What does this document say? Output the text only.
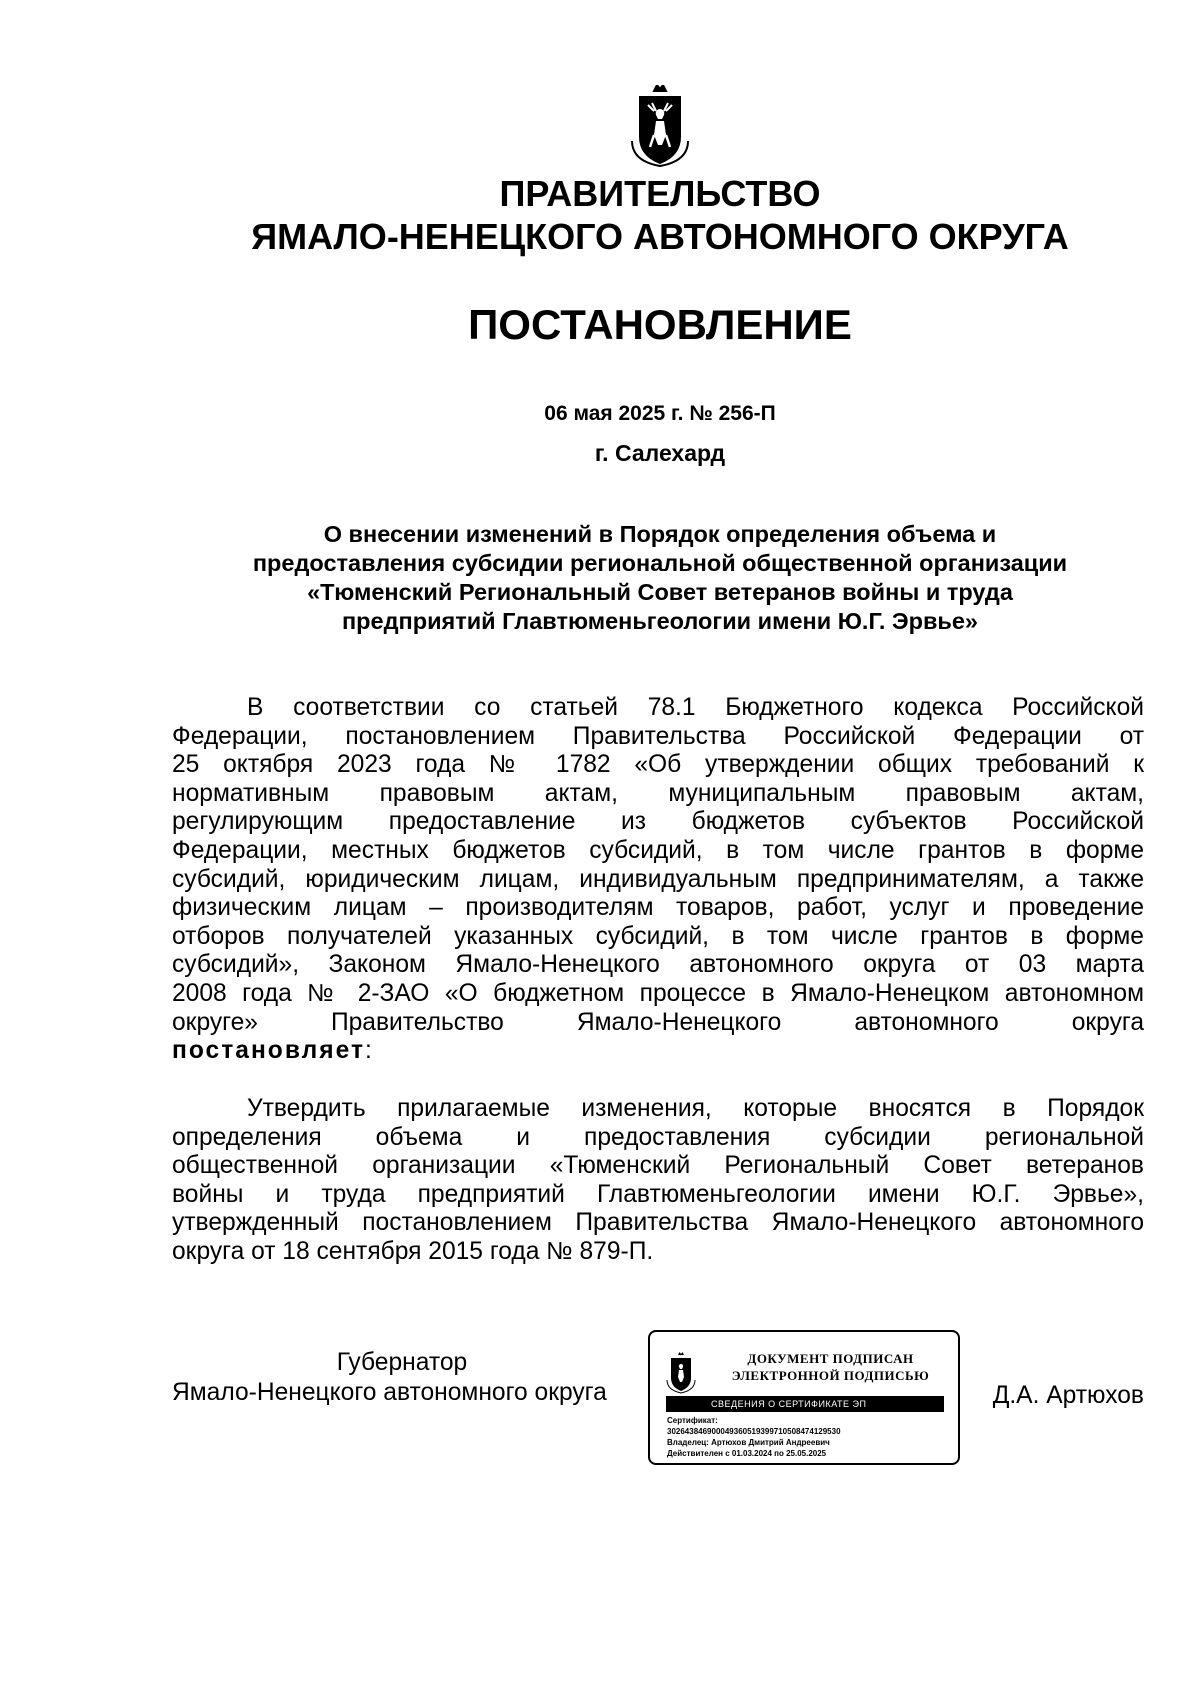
ПРАВИТЕЛЬСТВО
ЯМАЛО-НЕНЕЦКОГО АВТОНОМНОГО ОКРУГА
ПОСТАНОВЛЕНИЕ
06 мая 2025 г. № 256-П
г. Салехард
О внесении изменений в Порядок определения объема и
предоставления субсидии региональной общественной организации
«Тюменский Региональный Совет ветеранов войны и труда
предприятий Главтюменьгеологии имени Ю.Г. Эрвье»
В соответствии со статьей 78.1 Бюджетного кодекса Российской
Федерации, постановлением Правительства Российской Федерации от
25 октября 2023 года № 1782 «Об утверждении общих требований к
нормативным правовым актам, муниципальным правовым актам,
регулирующим предоставление из бюджетов субъектов Российской
Федерации, местных бюджетов субсидий, в том числе грантов в форме
субсидий, юридическим лицам, индивидуальным предпринимателям, а также
физическим лицам – производителям товаров, работ, услуг и проведение
отборов получателей указанных субсидий, в том числе грантов в форме
субсидий», Законом Ямало-Ненецкого автономного округа от 03 марта
2008 года № 2-ЗАО «О бюджетном процессе в Ямало-Ненецком автономном
округе» Правительство Ямало-Ненецкого автономного округа
постановляет:
Утвердить прилагаемые изменения, которые вносятся в Порядок
определения объема и предоставления субсидии региональной
общественной организации «Тюменский Региональный Совет ветеранов
войны и труда предприятий Главтюменьгеологии имени Ю.Г. Эрвье»,
утвержденный постановлением Правительства Ямало-Ненецкого автономного
округа от 18 сентября 2015 года № 879-П.
Губернатор
Ямало-Ненецкого автономного округа
ДОКУМЕНТ ПОДПИСАН
ЭЛЕКТРОННОЙ ПОДПИСЬЮ
СВЕДЕНИЯ О СЕРТИФИКАТЕ ЭП
Сертификат:
302643846900049360519399710508474129530
Владелец: Артюхов Дмитрий Андреевич
Действителен с 01.03.2024 по 25.05.2025
Д.А. Артюхов
